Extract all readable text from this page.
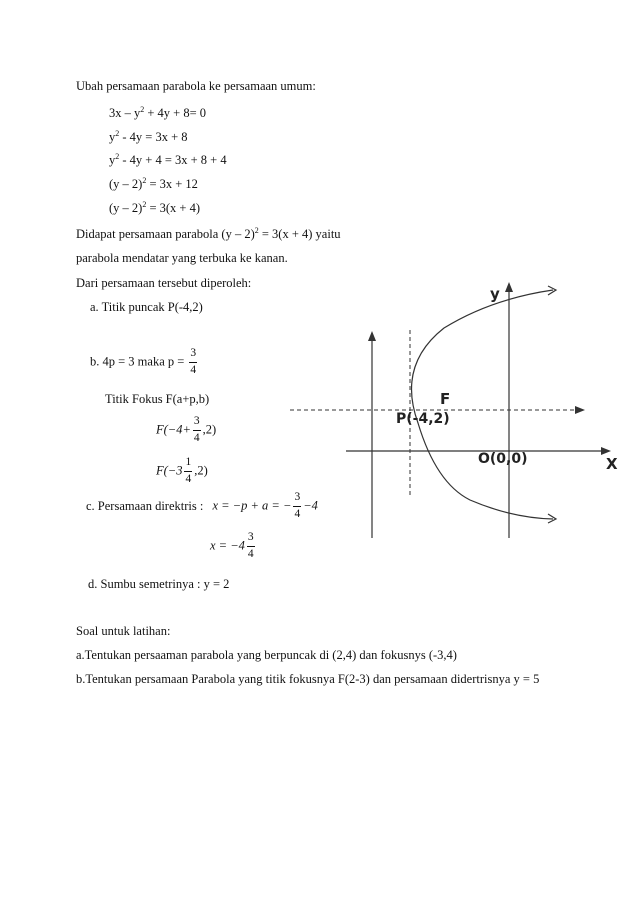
Ubah persamaan parabola ke persamaan umum:
$3x - y^2 + 4y + 8= 0$
$y^2 - 4y = 3x + 8$
$y^2 - 4y + 4 = 3x + 8 + 4$
(y – 2)$^2$ = 3x + 12
(y – 2)$^2$ = 3(x + 4)
Didapat persamaan parabola (y – 2)$^2$ = 3(x + 4) yaitu
parabola mendatar yang terbuka ke kanan.
Dari persamaan tersebut diperoleh:
a. Titik puncak P(-4,2)
b. 4p = 3 maka $p = \frac{3}{4}$
Titik Fokus F(a+p,b)
$F(-4+ \frac{3}{4} ,2)$
$F(-3 \frac{1}{4} ,2)$
c. Persamaan direktris : x = −p + a = − $\frac{3}{4} -4$
$x = -4 \frac{3}{4}$
d. Sumbu semetrinya : y = 2
Soal untuk latihan:
a.Tentukan persaaman parabola yang berpuncak di (2,4) dan fokusnys (-3,4)
b.Tentukan persamaan Parabola yang titik fokusnya F(2-3) dan persamaan didertrisnya y = 5
y
X
F
P(-4,2)
O(0,0)
